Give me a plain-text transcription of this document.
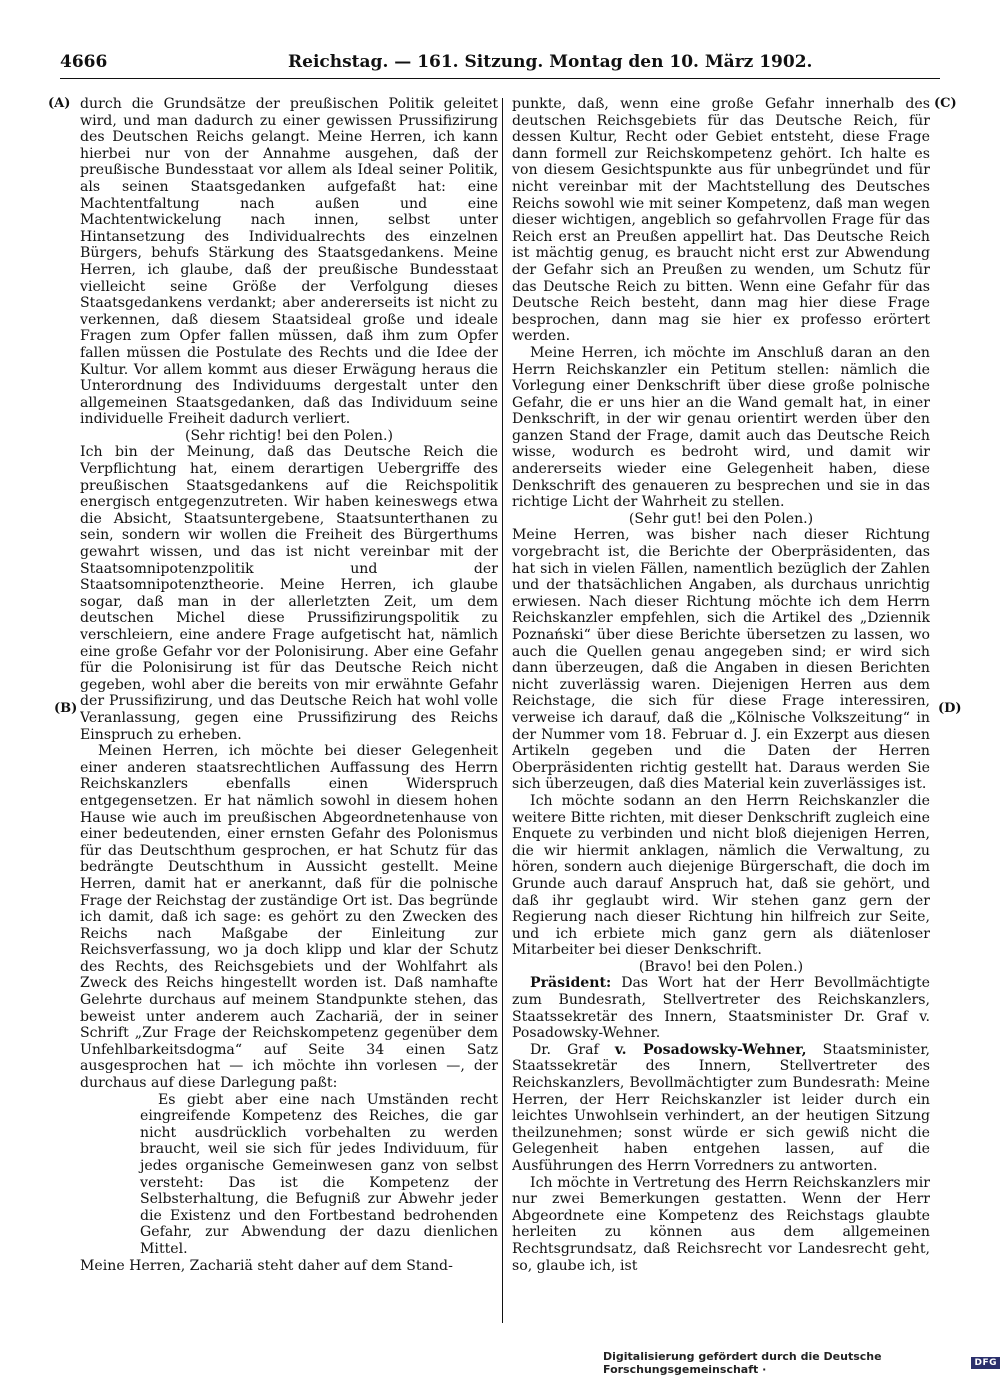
4666	Reichstag. — 161. Sitzung. Montag den 10. März 1902.
(A)
(B)
(C)
(D)

durch die Grundsätze der preußischen Politik geleitet wird, und man dadurch zu einer gewissen Prussifizirung des Deutschen Reichs gelangt. Meine Herren, ich kann hierbei nur von der Annahme ausgehen, daß der preußische Bundesstaat vor allem als Ideal seiner Politik, als seinen Staatsgedanken aufgefaßt hat: eine Machtentfaltung nach außen und eine Machtentwickelung nach innen, selbst unter Hintansetzung des Individualrechts des einzelnen Bürgers, behufs Stärkung des Staatsgedankens. Meine Herren, ich glaube, daß der preußische Bundesstaat vielleicht seine Größe der Verfolgung dieses Staatsgedankens verdankt; aber andererseits ist nicht zu verkennen, daß diesem Staatsideal große und ideale Fragen zum Opfer fallen müssen, daß ihm zum Opfer fallen müssen die Postulate des Rechts und die Idee der Kultur. Vor allem kommt aus dieser Erwägung heraus die Unterordnung des Individuums dergestalt unter den allgemeinen Staatsgedanken, daß das Individuum seine individuelle Freiheit dadurch verliert.

(Sehr richtig! bei den Polen.)

Ich bin der Meinung, daß das Deutsche Reich die Verpflichtung hat, einem derartigen Uebergriffe des preußischen Staatsgedankens auf die Reichspolitik energisch entgegenzutreten. Wir haben keineswegs etwa die Absicht, Staatsuntergebene, Staatsunterthanen zu sein, sondern wir wollen die Freiheit des Bürgerthums gewahrt wissen, und das ist nicht vereinbar mit der Staatsomnipotenzpolitik und der Staatsomnipotenztheorie. Meine Herren, ich glaube sogar, daß man in der allerletzten Zeit, um dem deutschen Michel diese Prussifizirungspolitik zu verschleiern, eine andere Frage aufgetischt hat, nämlich eine große Gefahr vor der Polonisirung. Aber eine Gefahr für die Polonisirung ist für das Deutsche Reich nicht gegeben, wohl aber die bereits von mir erwähnte Gefahr der Prussifizirung, und das Deutsche Reich hat wohl volle Veranlassung, gegen eine Prussifizirung des Reichs Einspruch zu erheben.

Meinen Herren, ich möchte bei dieser Gelegenheit einer anderen staatsrechtlichen Auffassung des Herrn Reichskanzlers ebenfalls einen Widerspruch entgegensetzen. Er hat nämlich sowohl in diesem hohen Hause wie auch im preußischen Abgeordnetenhause von einer bedeutenden, einer ernsten Gefahr des Polonismus für das Deutschthum gesprochen, er hat Schutz für das bedrängte Deutschthum in Aussicht gestellt. Meine Herren, damit hat er anerkannt, daß für die polnische Frage der Reichstag der zuständige Ort ist. Das begründe ich damit, daß ich sage: es gehört zu den Zwecken des Reichs nach Maßgabe der Einleitung zur Reichsverfassung, wo ja doch klipp und klar der Schutz des Rechts, des Reichsgebiets und der Wohlfahrt als Zweck des Reichs hingestellt worden ist. Daß namhafte Gelehrte durchaus auf meinem Standpunkte stehen, das beweist unter anderem auch Zachariä, der in seiner Schrift „Zur Frage der Reichskompetenz gegenüber dem Unfehlbarkeitsdogma“ auf Seite 34 einen Satz ausgesprochen hat — ich möchte ihn vorlesen —, der durchaus auf diese Darlegung paßt:

Es giebt aber eine nach Umständen recht eingreifende Kompetenz des Reiches, die gar nicht ausdrücklich vorbehalten zu werden braucht, weil sie sich für jedes Individuum, für jedes organische Gemeinwesen ganz von selbst versteht: Das ist die Kompetenz der Selbsterhaltung, die Befugniß zur Abwehr jeder die Existenz und den Fortbestand bedrohenden Gefahr, zur Abwendung der dazu dienlichen Mittel.

Meine Herren, Zachariä steht daher auf dem Stand-

punkte, daß, wenn eine große Gefahr innerhalb des deutschen Reichsgebiets für das Deutsche Reich, für dessen Kultur, Recht oder Gebiet entsteht, diese Frage dann formell zur Reichskompetenz gehört. Ich halte es von diesem Gesichtspunkte aus für unbegründet und für nicht vereinbar mit der Machtstellung des Deutsches Reichs sowohl wie mit seiner Kompetenz, daß man wegen dieser wichtigen, angeblich so gefahrvollen Frage für das Reich erst an Preußen appellirt hat. Das Deutsche Reich ist mächtig genug, es braucht nicht erst zur Abwendung der Gefahr sich an Preußen zu wenden, um Schutz für das Deutsche Reich zu bitten. Wenn eine Gefahr für das Deutsche Reich besteht, dann mag hier diese Frage besprochen, dann mag sie hier ex professo erörtert werden.

Meine Herren, ich möchte im Anschluß daran an den Herrn Reichskanzler ein Petitum stellen: nämlich die Vorlegung einer Denkschrift über diese große polnische Gefahr, die er uns hier an die Wand gemalt hat, in einer Denkschrift, in der wir genau orientirt werden über den ganzen Stand der Frage, damit auch das Deutsche Reich wisse, wodurch es bedroht wird, und damit wir andererseits wieder eine Gelegenheit haben, diese Denkschrift des genaueren zu besprechen und sie in das richtige Licht der Wahrheit zu stellen.

(Sehr gut! bei den Polen.)

Meine Herren, was bisher nach dieser Richtung vorgebracht ist, die Berichte der Oberpräsidenten, das hat sich in vielen Fällen, namentlich bezüglich der Zahlen und der thatsächlichen Angaben, als durchaus unrichtig erwiesen. Nach dieser Richtung möchte ich dem Herrn Reichskanzler empfehlen, sich die Artikel des „Dziennik Poznański“ über diese Berichte übersetzen zu lassen, wo auch die Quellen genau angegeben sind; er wird sich dann überzeugen, daß die Angaben in diesen Berichten nicht zuverlässig waren. Diejenigen Herren aus dem Reichstage, die sich für diese Frage interessiren, verweise ich darauf, daß die „Kölnische Volkszeitung“ in der Nummer vom 18. Februar d. J. ein Exzerpt aus diesen Artikeln gegeben und die Daten der Herren Oberpräsidenten richtig gestellt hat. Daraus werden Sie sich überzeugen, daß dies Material kein zuverlässiges ist.

Ich möchte sodann an den Herrn Reichskanzler die weitere Bitte richten, mit dieser Denkschrift zugleich eine Enquete zu verbinden und nicht bloß diejenigen Herren, die wir hiermit anklagen, nämlich die Verwaltung, zu hören, sondern auch diejenige Bürgerschaft, die doch im Grunde auch darauf Anspruch hat, daß sie gehört, und daß ihr geglaubt wird. Wir stehen ganz gern der Regierung nach dieser Richtung hin hilfreich zur Seite, und ich erbiete mich ganz gern als diätenloser Mitarbeiter bei dieser Denkschrift.

(Bravo! bei den Polen.)

Präsident: Das Wort hat der Herr Bevollmächtigte zum Bundesrath, Stellvertreter des Reichskanzlers, Staatssekretär des Innern, Staatsminister Dr. Graf v. Posadowsky-Wehner.

Dr. Graf v. Posadowsky-Wehner, Staatsminister, Staatssekretär des Innern, Stellvertreter des Reichskanzlers, Bevollmächtigter zum Bundesrath: Meine Herren, der Herr Reichskanzler ist leider durch ein leichtes Unwohlsein verhindert, an der heutigen Sitzung theilzunehmen; sonst würde er sich gewiß nicht die Gelegenheit haben entgehen lassen, auf die Ausführungen des Herrn Vorredners zu antworten.

Ich möchte in Vertretung des Herrn Reichskanzlers mir nur zwei Bemerkungen gestatten. Wenn der Herr Abgeordnete eine Kompetenz des Reichstags glaubte herleiten zu können aus dem allgemeinen Rechtsgrundsatz, daß Reichsrecht vor Landesrecht geht, so, glaube ich, ist

Digitalisierung gefördert durch die Deutsche Forschungsgemeinschaft ·	DFG
